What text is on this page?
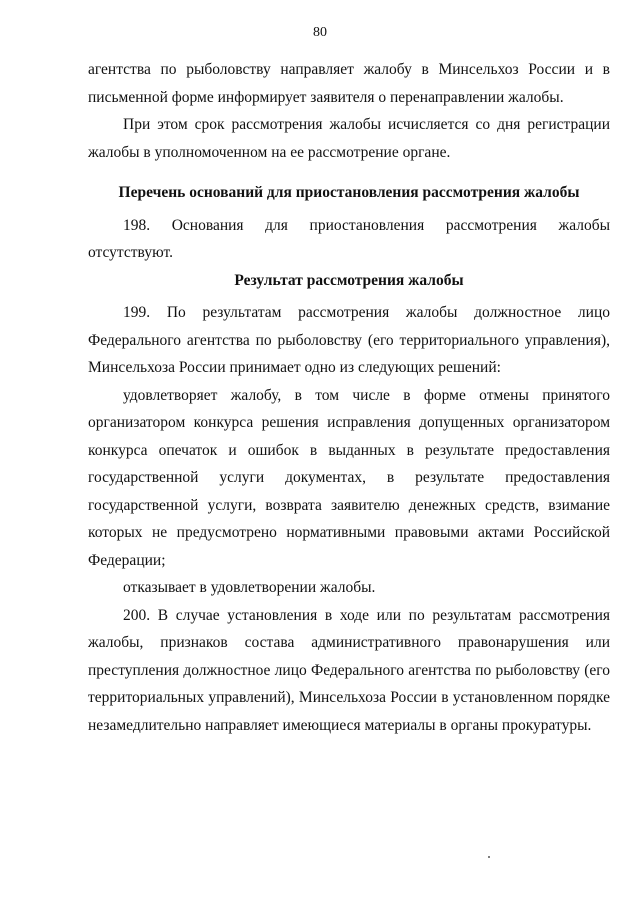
80

агентства по рыболовству направляет жалобу в Минсельхоз России и в письменной форме информирует заявителя о перенаправлении жалобы.

При этом срок рассмотрения жалобы исчисляется со дня регистрации жалобы в уполномоченном на ее рассмотрение органе.

Перечень оснований для приостановления рассмотрения жалобы

198. Основания для приостановления рассмотрения жалобы отсутствуют.

Результат рассмотрения жалобы

199. По результатам рассмотрения жалобы должностное лицо Федерального агентства по рыболовству (его территориального управления), Минсельхоза России принимает одно из следующих решений:

удовлетворяет жалобу, в том числе в форме отмены принятого организатором конкурса решения исправления допущенных организатором конкурса опечаток и ошибок в выданных в результате предоставления государственной услуги документах, в результате предоставления государственной услуги, возврата заявителю денежных средств, взимание которых не предусмотрено нормативными правовыми актами Российской Федерации;

отказывает в удовлетворении жалобы.

200. В случае установления в ходе или по результатам рассмотрения жалобы, признаков состава административного правонарушения или преступления должностное лицо Федерального агентства по рыболовству (его территориальных управлений), Минсельхоза России в установленном порядке незамедлительно направляет имеющиеся материалы в органы прокуратуры.
